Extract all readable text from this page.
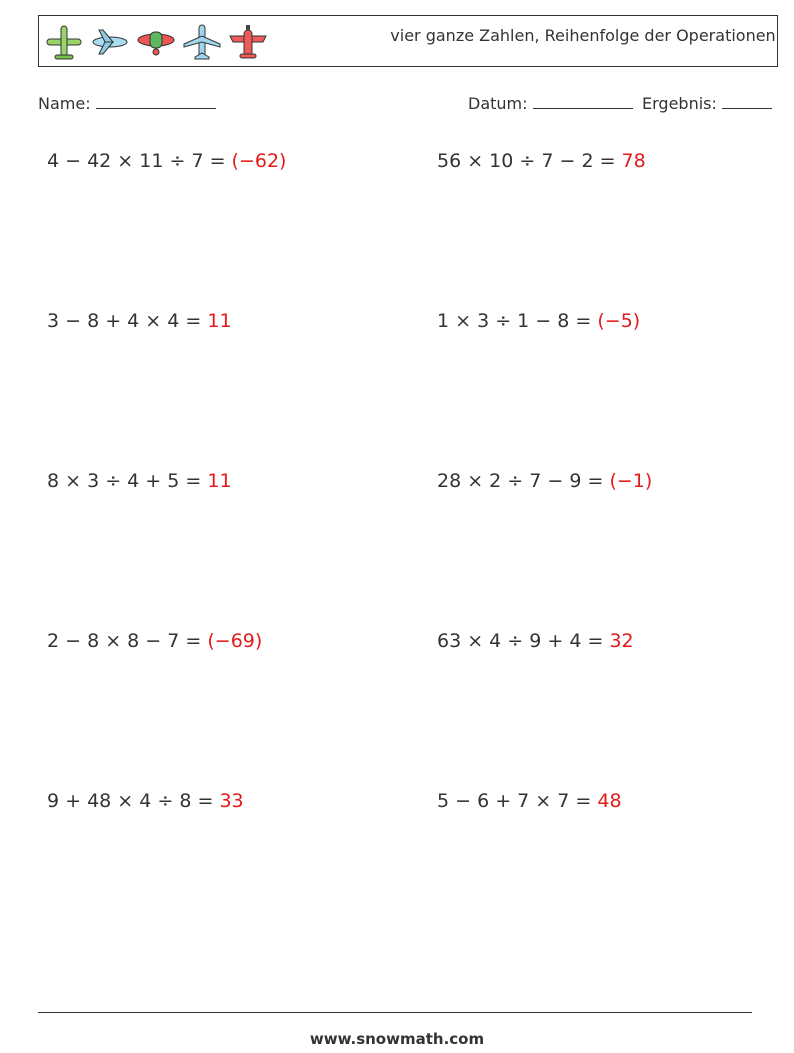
vier ganze Zahlen, Reihenfolge der Operationen
Name:	Datum:	Ergebnis:
4 − 42 × 11 ÷ 7 = (−62)	56 × 10 ÷ 7 − 2 = 78
3 − 8 + 4 × 4 = 11	1 × 3 ÷ 1 − 8 = (−5)
8 × 3 ÷ 4 + 5 = 11	28 × 2 ÷ 7 − 9 = (−1)
2 − 8 × 8 − 7 = (−69)	63 × 4 ÷ 9 + 4 = 32
9 + 48 × 4 ÷ 8 = 33	5 − 6 + 7 × 7 = 48
www.snowmath.com
